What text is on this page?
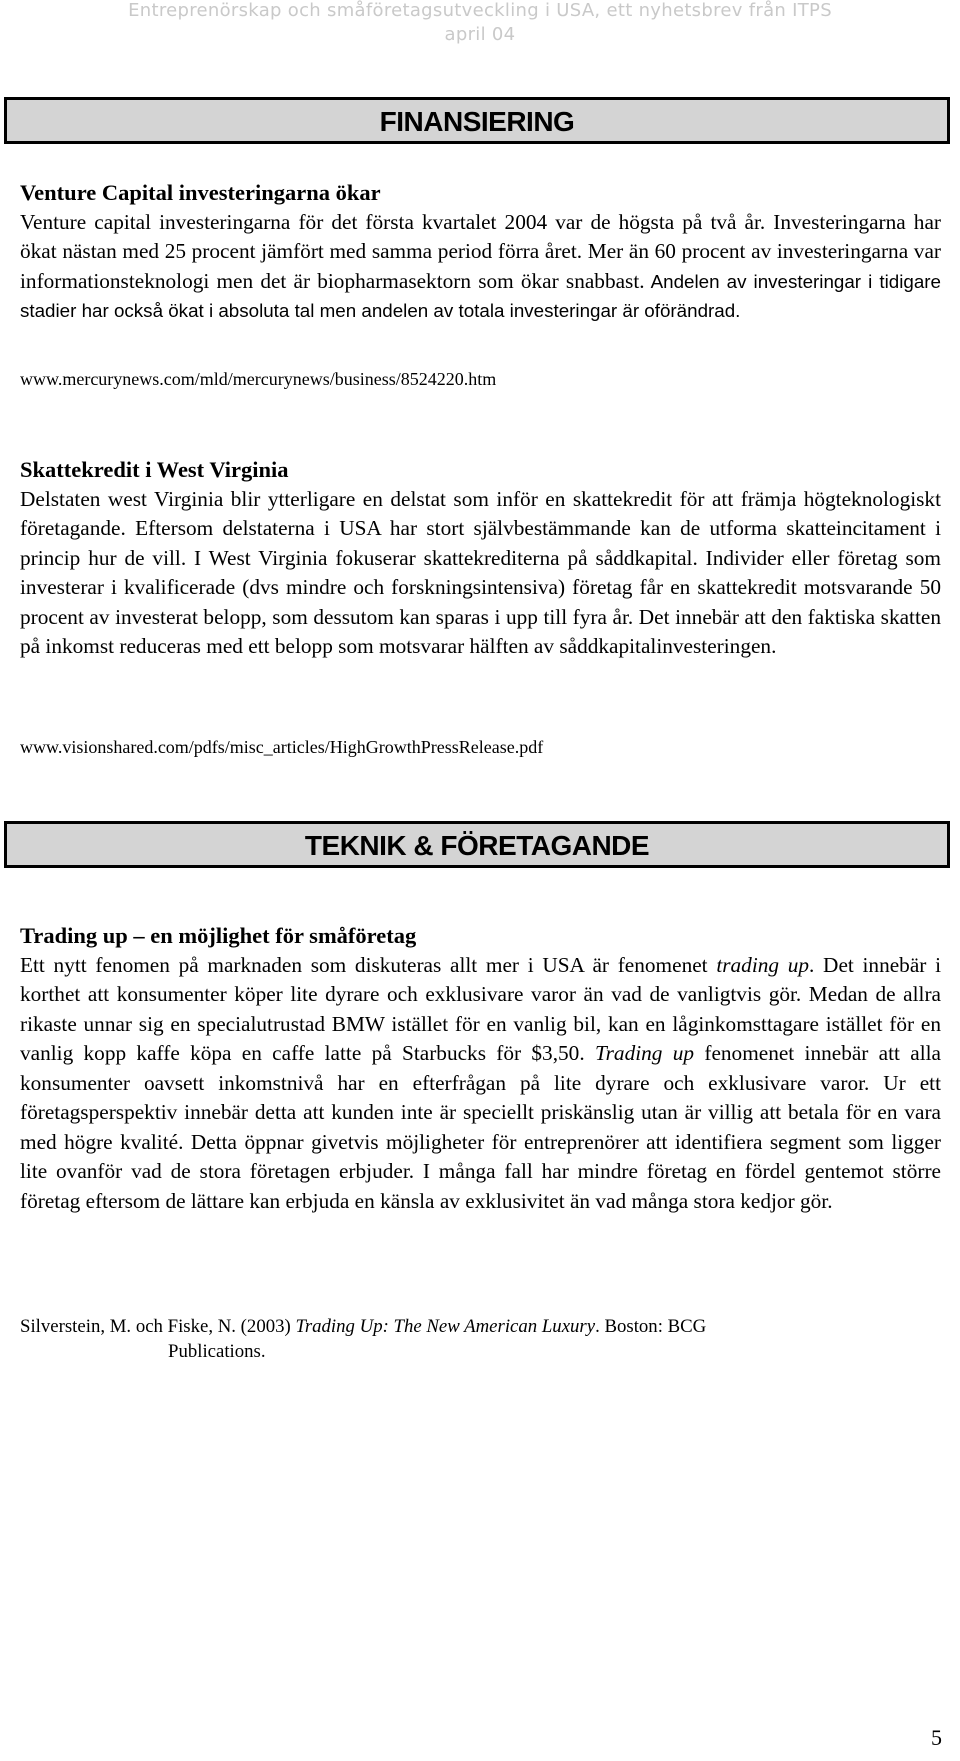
Entreprenörskap och småföretagsutveckling i USA, ett nyhetsbrev från ITPS
april 04
FINANSIERING
Venture Capital investeringarna ökar
Venture capital investeringarna för det första kvartalet 2004 var de högsta på två år. Investeringarna har ökat nästan med 25 procent jämfört med samma period förra året. Mer än 60 procent av investeringarna var informationsteknologi men det är biopharmasektorn som ökar snabbast. Andelen av investeringar i tidigare stadier har också ökat i absoluta tal men andelen av totala investeringar är oförändrad.
www.mercurynews.com/mld/mercurynews/business/8524220.htm
Skattekredit i West Virginia
Delstaten west Virginia blir ytterligare en delstat som inför en skattekredit för att främja högteknologiskt företagande. Eftersom delstaterna i USA har stort självbestämmande kan de utforma skatteincitament i princip hur de vill. I West Virginia fokuserar skattekrediterna på såddkapital. Individer eller företag som investerar i kvalificerade (dvs mindre och forskningsintensiva) företag får en skattekredit motsvarande 50 procent av investerat belopp, som dessutom kan sparas i upp till fyra år. Det innebär att den faktiska skatten på inkomst reduceras med ett belopp som motsvarar hälften av såddkapitalinvesteringen.
www.visionshared.com/pdfs/misc_articles/HighGrowthPressRelease.pdf
TEKNIK & FÖRETAGANDE
Trading up – en möjlighet för småföretag
Ett nytt fenomen på marknaden som diskuteras allt mer i USA är fenomenet trading up. Det innebär i korthet att konsumenter köper lite dyrare och exklusivare varor än vad de vanligtvis gör. Medan de allra rikaste unnar sig en specialutrustad BMW istället för en vanlig bil, kan en låginkomsttagare istället för en vanlig kopp kaffe köpa en caffe latte på Starbucks för $3,50. Trading up fenomenet innebär att alla konsumenter oavsett inkomstnivå har en efterfrågan på lite dyrare och exklusivare varor. Ur ett företagsperspektiv innebär detta att kunden inte är speciellt priskänslig utan är villig att betala för en vara med högre kvalité. Detta öppnar givetvis möjligheter för entreprenörer att identifiera segment som ligger lite ovanför vad de stora företagen erbjuder. I många fall har mindre företag en fördel gentemot större företag eftersom de lättare kan erbjuda en känsla av exklusivitet än vad många stora kedjor gör.
Silverstein, M. och Fiske, N. (2003) Trading Up: The New American Luxury. Boston: BCG
Publications.
5
